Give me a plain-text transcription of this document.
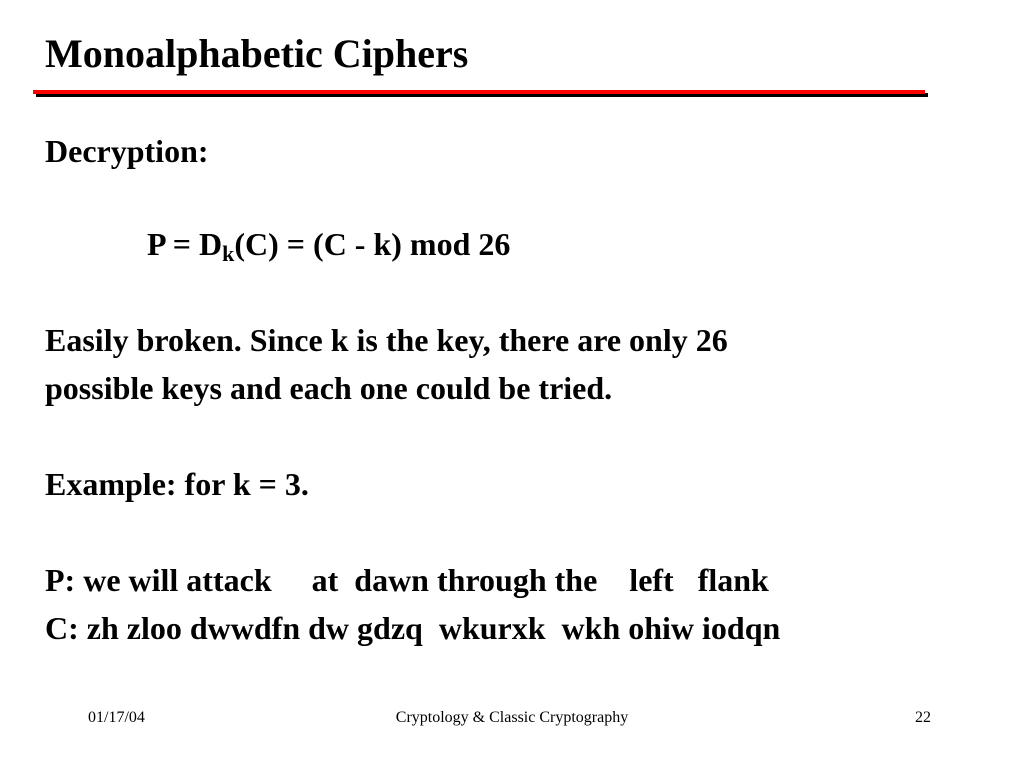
Monoalphabetic Ciphers
Decryption:
$P = D_k(C) = (C - k)$ mod 26
Easily broken. Since k is the key, there are only 26
possible keys and each one could be tried.
Example: for k = 3.
P: we will attack     at  dawn through the    left   flank
C: zh zloo dwwdfn dw gdzq  wkurxk  wkh ohiw iodqn
01/17/04	Cryptology & Classic Cryptography	22
